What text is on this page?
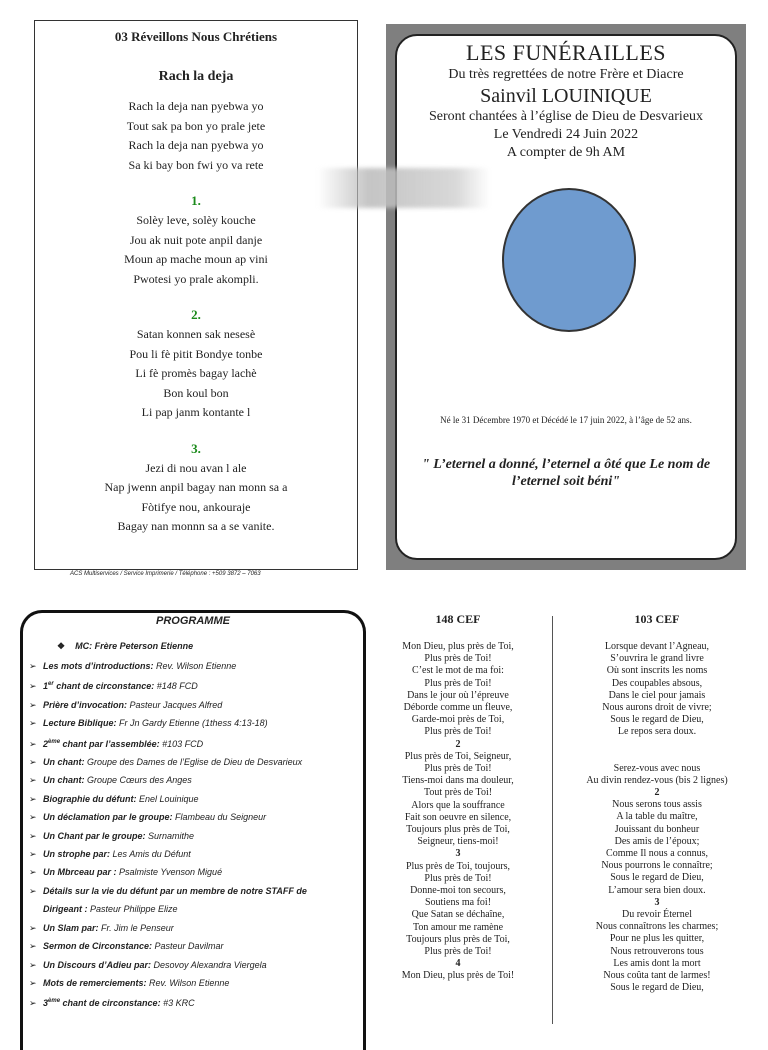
03 Réveillons Nous Chrétiens
Rach la deja
Rach la deja nan pyebwa yo
Tout sak pa bon yo prale jete
Rach la deja nan pyebwa yo
Sa ki bay bon fwi yo va rete
1.
Solèy leve, solèy kouche
Jou ak nuit pote anpil danje
Moun ap mache moun ap vini
Pwotesi yo prale akompli.
2.
Satan konnen sak nesesè
Pou li fè pitit Bondye tonbe
Li fè promès bagay lachè
Bon koul bon
Li pap janm kontante l
3.
Jezi di nou avan l ale
Nap jwenn anpil bagay nan monn sa a
Fòtifye nou, ankouraje
Bagay nan monnn sa a se vanite.
ACS Multiservices / Service Imprimerie / Téléphone : +509 3872 – 7063
LES FUNÉRAILLES
Du très regrettées de notre Frère et Diacre
Sainvil LOUINIQUE
Seront chantées à l’église de Dieu de Desvarieux
Le Vendredi 24 Juin 2022
A compter de 9h AM
Né le 31 Décembre 1970 et Décédé le 17 juin 2022, à l’âge de 52 ans.
" L’eternel a donné, l’eternel a ôté que Le nom de l’eternel soit béni"
PROGRAMME
❖ MC: Frère Peterson Etienne
➢ Les mots d’introductions: Rev. Wilson Etienne
➢ 1er chant de circonstance: #148 FCD
➢ Prière d’invocation: Pasteur Jacques Alfred
➢ Lecture Biblique: Fr Jn Gardy Etienne (1thess 4:13-18)
➢ 2ème chant par l’assemblée: #103 FCD
➢ Un chant: Groupe des Dames de l’Eglise de Dieu de Desvarieux
➢ Un chant: Groupe Cœurs des Anges
➢ Biographie du défunt: Enel Louinique
➢ Un déclamation par le groupe: Flambeau du Seigneur
➢ Un Chant par le groupe: Surnamithe
➢ Un strophe par: Les Amis du Défunt
➢ Un Mbrceau par : Psalmiste Yvenson Migué
➢ Détails sur la vie du défunt par un membre de notre STAFF de
Dirigeant : Pasteur Philippe Elize
➢ Un Slam par: Fr. Jim le Penseur
➢ Sermon de Circonstance: Pasteur Davilmar
➢ Un Discours d’Adieu par: Desovoy Alexandra Viergela
➢ Mots de remerciements: Rev. Wilson Etienne
➢ 3ème chant de circonstance: #3 KRC
148 CEF
Mon Dieu, plus près de Toi,
Plus près de Toi!
C’est le mot de ma foi:
Plus près de Toi!
Dans le jour où l’épreuve
Déborde comme un fleuve,
Garde-moi près de Toi,
Plus près de Toi!
2
Plus près de Toi, Seigneur,
Plus près de Toi!
Tiens-moi dans ma douleur,
Tout près de Toi!
Alors que la souffrance
Fait son oeuvre en silence,
Toujours plus près de Toi,
Seigneur, tiens-moi!
3
Plus près de Toi, toujours,
Plus près de Toi!
Donne-moi ton secours,
Soutiens ma foi!
Que Satan se déchaîne,
Ton amour me ramène
Toujours plus près de Toi,
Plus près de Toi!
4
Mon Dieu, plus près de Toi!
103 CEF
Lorsque devant l’Agneau,
S’ouvrira le grand livre
Où sont inscrits les noms
Des coupables absous,
Dans le ciel pour jamais
Nous aurons droit de vivre;
Sous le regard de Dieu,
Le repos sera doux.
Serez-vous avec nous
Au divin rendez-vous (bis 2 lignes)
2
Nous serons tous assis
A la table du maître,
Jouissant du bonheur
Des amis de l’époux;
Comme Il nous a connus,
Nous pourrons le connaître;
Sous le regard de Dieu,
L’amour sera bien doux.
3
Du revoir Éternel
Nous connaîtrons les charmes;
Pour ne plus les quitter,
Nous retrouverons tous
Les amis dont la mort
Nous coûta tant de larmes!
Sous le regard de Dieu,
